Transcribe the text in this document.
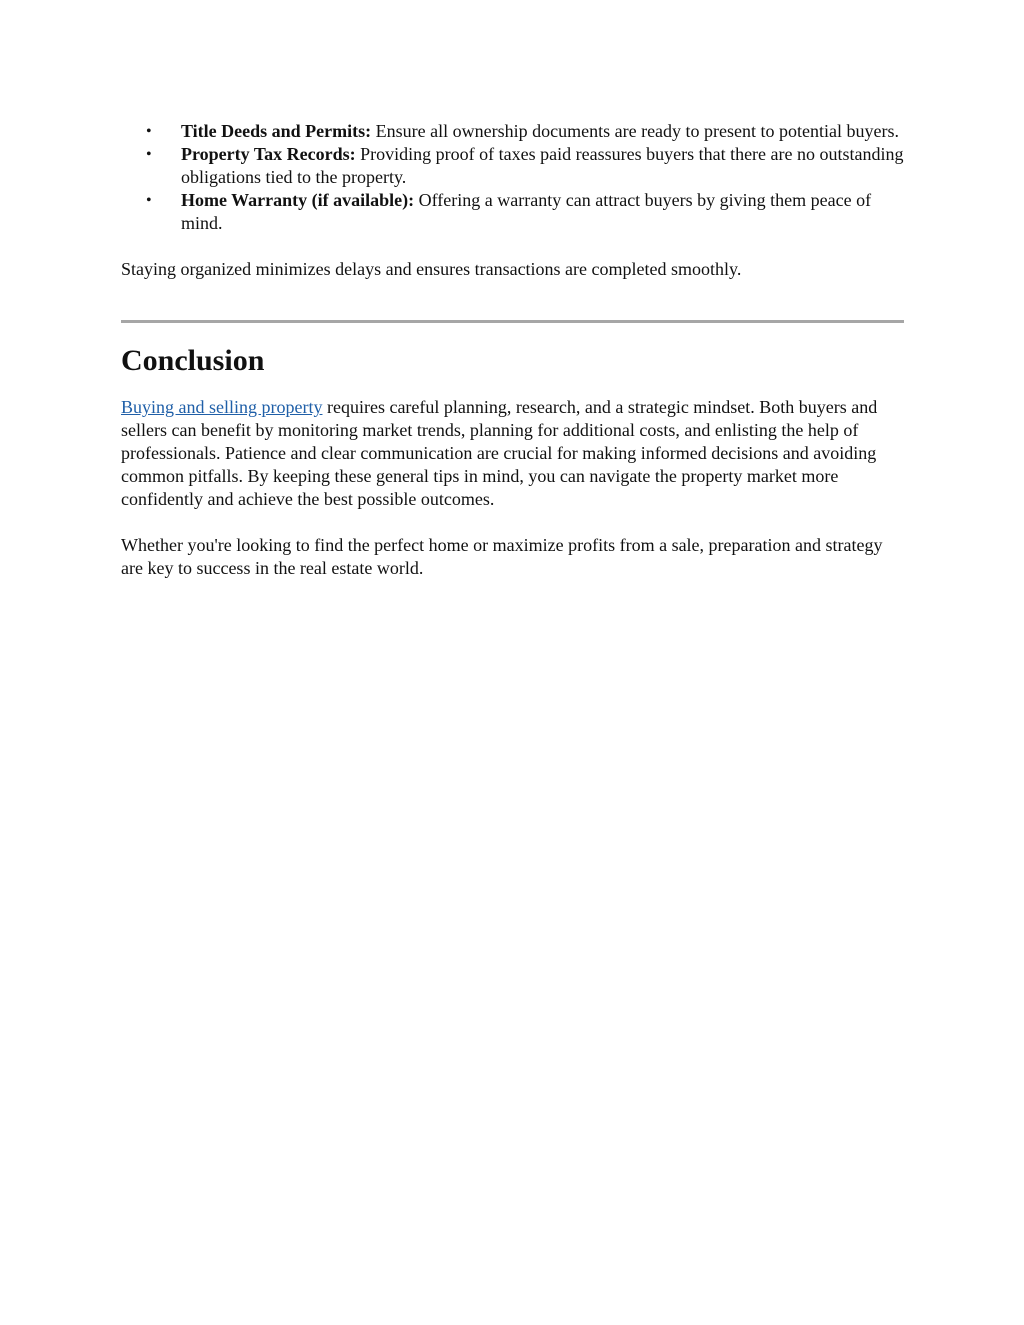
• Title Deeds and Permits: Ensure all ownership documents are ready to present to potential buyers.
• Property Tax Records: Providing proof of taxes paid reassures buyers that there are no outstanding obligations tied to the property.
• Home Warranty (if available): Offering a warranty can attract buyers by giving them peace of mind.

Staying organized minimizes delays and ensures transactions are completed smoothly.

Conclusion

Buying and selling property requires careful planning, research, and a strategic mindset. Both buyers and sellers can benefit by monitoring market trends, planning for additional costs, and enlisting the help of professionals. Patience and clear communication are crucial for making informed decisions and avoiding common pitfalls. By keeping these general tips in mind, you can navigate the property market more confidently and achieve the best possible outcomes.

Whether you're looking to find the perfect home or maximize profits from a sale, preparation and strategy are key to success in the real estate world.
